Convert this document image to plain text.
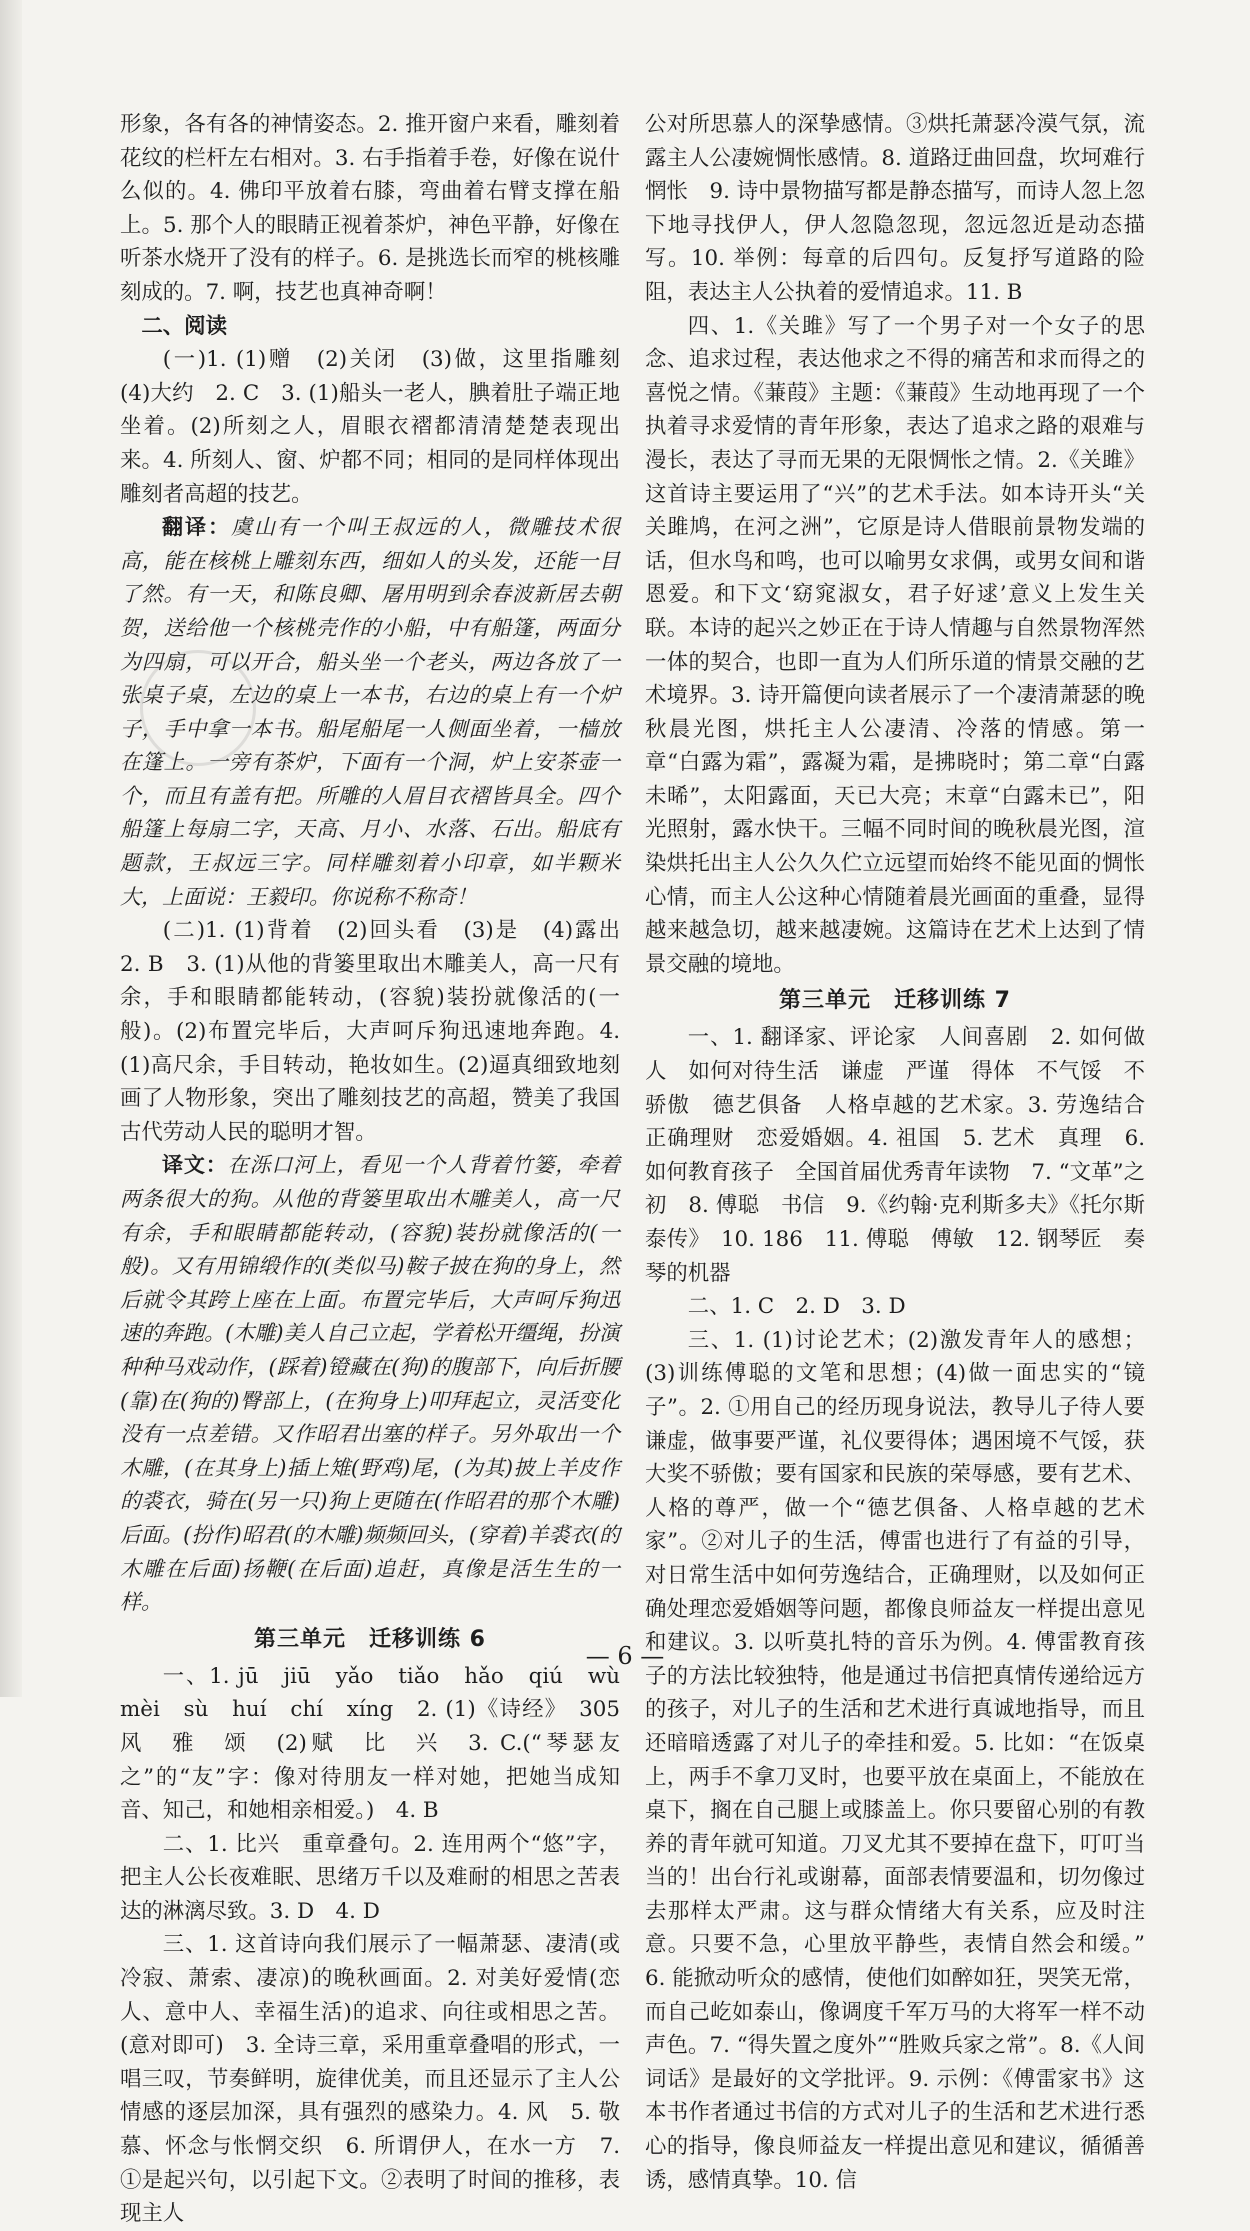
形象，各有各的神情姿态。2. 推开窗户来看，雕刻着花纹的栏杆左右相对。3. 右手指着手卷，好像在说什么似的。4. 佛印平放着右膝，弯曲着右臂支撑在船上。5. 那个人的眼睛正视着茶炉，神色平静，好像在听茶水烧开了没有的样子。6. 是挑选长而窄的桃核雕刻成的。7. 啊，技艺也真神奇啊！

二、阅读

(一)1. (1)赠　(2)关闭　(3)做，这里指雕刻　(4)大约　2. C　3. (1)船头一老人，腆着肚子端正地坐着。(2)所刻之人，眉眼衣褶都清清楚楚表现出来。4. 所刻人、窗、炉都不同；相同的是同样体现出雕刻者高超的技艺。

翻译：虞山有一个叫王叔远的人，微雕技术很高，能在核桃上雕刻东西，细如人的头发，还能一目了然。有一天，和陈良卿、屠用明到余春波新居去朝贺，送给他一个核桃壳作的小船，中有船篷，两面分为四扇，可以开合，船头坐一个老头，两边各放了一张桌子桌，左边的桌上一本书，右边的桌上有一个炉子，手中拿一本书。船尾船尾一人侧面坐着，一樯放在篷上。一旁有茶炉，下面有一个洞，炉上安茶壶一个，而且有盖有把。所雕的人眉目衣褶皆具全。四个船篷上每扇二字，天高、月小、水落、石出。船底有题款，王叔远三字。同样雕刻着小印章，如半颗米大，上面说：王毅印。你说称不称奇！

(二)1. (1)背着　(2)回头看　(3)是　(4)露出　2. B　3. (1)从他的背篓里取出木雕美人，高一尺有余，手和眼睛都能转动，(容貌)装扮就像活的(一般)。(2)布置完毕后，大声呵斥狗迅速地奔跑。4. (1)高尺余，手目转动，艳妆如生。(2)逼真细致地刻画了人物形象，突出了雕刻技艺的高超，赞美了我国古代劳动人民的聪明才智。

译文：在泺口河上，看见一个人背着竹篓，牵着两条很大的狗。从他的背篓里取出木雕美人，高一尺有余，手和眼睛都能转动，(容貌)装扮就像活的(一般)。又有用锦缎作的(类似马)鞍子披在狗的身上，然后就令其跨上座在上面。布置完毕后，大声呵斥狗迅速的奔跑。(木雕)美人自己立起，学着松开缰绳，扮演种种马戏动作，(踩着)镫藏在(狗)的腹部下，向后折腰(靠)在(狗的)臀部上，(在狗身上)叩拜起立，灵活变化没有一点差错。又作昭君出塞的样子。另外取出一个木雕，(在其身上)插上雉(野鸡)尾，(为其)披上羊皮作的裘衣，骑在(另一只)狗上更随在(作昭君的那个木雕)后面。(扮作)昭君(的木雕)频频回头，(穿着)羊裘衣(的木雕在后面)扬鞭(在后面)追赶，真像是活生生的一样。

第三单元　迁移训练 6

一、1. jū　jiū　yǎo　tiǎo　hǎo　qiú　wù　mèi　sù　huí　chí　xíng　2. (1)《诗经》　305　风　雅　颂　(2)赋　比　兴　3. C.(“琴瑟友之”的“友”字：像对待朋友一样对她，把她当成知音、知己，和她相亲相爱。)　4. B

二、1. 比兴　重章叠句。2. 连用两个“悠”字，把主人公长夜难眠、思绪万千以及难耐的相思之苦表达的淋漓尽致。3. D　4. D

三、1. 这首诗向我们展示了一幅萧瑟、凄清(或冷寂、萧索、凄凉)的晚秋画面。2. 对美好爱情(恋人、意中人、幸福生活)的追求、向往或相思之苦。(意对即可)　3. 全诗三章，采用重章叠唱的形式，一唱三叹，节奏鲜明，旋律优美，而且还显示了主人公情感的逐层加深，具有强烈的感染力。4. 风　5. 敬慕、怀念与怅惘交织　6. 所谓伊人，在水一方　7. ①是起兴句，以引起下文。②表明了时间的推移，表现主人

公对所思慕人的深挚感情。③烘托萧瑟冷漠气氛，流露主人公凄婉惆怅感情。8. 道路迂曲回盘，坎坷难行　惘怅　9. 诗中景物描写都是静态描写，而诗人忽上忽下地寻找伊人，伊人忽隐忽现，忽远忽近是动态描写。10. 举例：每章的后四句。反复抒写道路的险阻，表达主人公执着的爱情追求。11. B

四、1.《关雎》写了一个男子对一个女子的思念、追求过程，表达他求之不得的痛苦和求而得之的喜悦之情。《蒹葭》主题：《蒹葭》生动地再现了一个执着寻求爱情的青年形象，表达了追求之路的艰难与漫长，表达了寻而无果的无限惆怅之情。2.《关雎》这首诗主要运用了“兴”的艺术手法。如本诗开头“关关雎鸠，在河之洲”，它原是诗人借眼前景物发端的话，但水鸟和鸣，也可以喻男女求偶，或男女间和谐恩爱。和下文‘窈窕淑女，君子好逑’意义上发生关联。本诗的起兴之妙正在于诗人情趣与自然景物浑然一体的契合，也即一直为人们所乐道的情景交融的艺术境界。3. 诗开篇便向读者展示了一个凄清萧瑟的晚秋晨光图，烘托主人公凄清、冷落的情感。第一章“白露为霜”，露凝为霜，是拂晓时；第二章“白露未晞”，太阳露面，天已大亮；末章“白露未已”，阳光照射，露水快干。三幅不同时间的晚秋晨光图，渲染烘托出主人公久久伫立远望而始终不能见面的惆怅心情，而主人公这种心情随着晨光画面的重叠，显得越来越急切，越来越凄婉。这篇诗在艺术上达到了情景交融的境地。

第三单元　迁移训练 7

一、1. 翻译家、评论家　人间喜剧　2. 如何做人　如何对待生活　谦虚　严谨　得体　不气馁　不骄傲　德艺俱备　人格卓越的艺术家。3. 劳逸结合　正确理财　恋爱婚姻。4. 祖国　5. 艺术　真理　6. 如何教育孩子　全国首届优秀青年读物　7. “文革”之初　8. 傅聪　书信　9.《约翰·克利斯多夫》《托尔斯泰传》　10. 186　11. 傅聪　傅敏　12. 钢琴匠　奏琴的机器

二、1. C　2. D　3. D

三、1. (1)讨论艺术；(2)激发青年人的感想；(3)训练傅聪的文笔和思想；(4)做一面忠实的“镜子”。2. ①用自己的经历现身说法，教导儿子待人要谦虚，做事要严谨，礼仪要得体；遇困境不气馁，获大奖不骄傲；要有国家和民族的荣辱感，要有艺术、人格的尊严，做一个“德艺俱备、人格卓越的艺术家”。②对儿子的生活，傅雷也进行了有益的引导，对日常生活中如何劳逸结合，正确理财，以及如何正确处理恋爱婚姻等问题，都像良师益友一样提出意见和建议。3. 以听莫扎特的音乐为例。4. 傅雷教育孩子的方法比较独特，他是通过书信把真情传递给远方的孩子，对儿子的生活和艺术进行真诚地指导，而且还暗暗透露了对儿子的牵挂和爱。5. 比如：“在饭桌上，两手不拿刀叉时，也要平放在桌面上，不能放在桌下，搁在自己腿上或膝盖上。你只要留心别的有教养的青年就可知道。刀叉尤其不要掉在盘下，叮叮当当的！出台行礼或谢幕，面部表情要温和，切勿像过去那样太严肃。这与群众情绪大有关系，应及时注意。只要不急，心里放平静些，表情自然会和缓。”　6. 能掀动听众的感情，使他们如醉如狂，哭笑无常，而自己屹如泰山，像调度千军万马的大将军一样不动声色。7. “得失置之度外”“胜败兵家之常”。8.《人间词话》是最好的文学批评。9. 示例：《傅雷家书》这本书作者通过书信的方式对儿子的生活和艺术进行悉心的指导，像良师益友一样提出意见和建议，循循善诱，感情真挚。10. 信

— 6 —
